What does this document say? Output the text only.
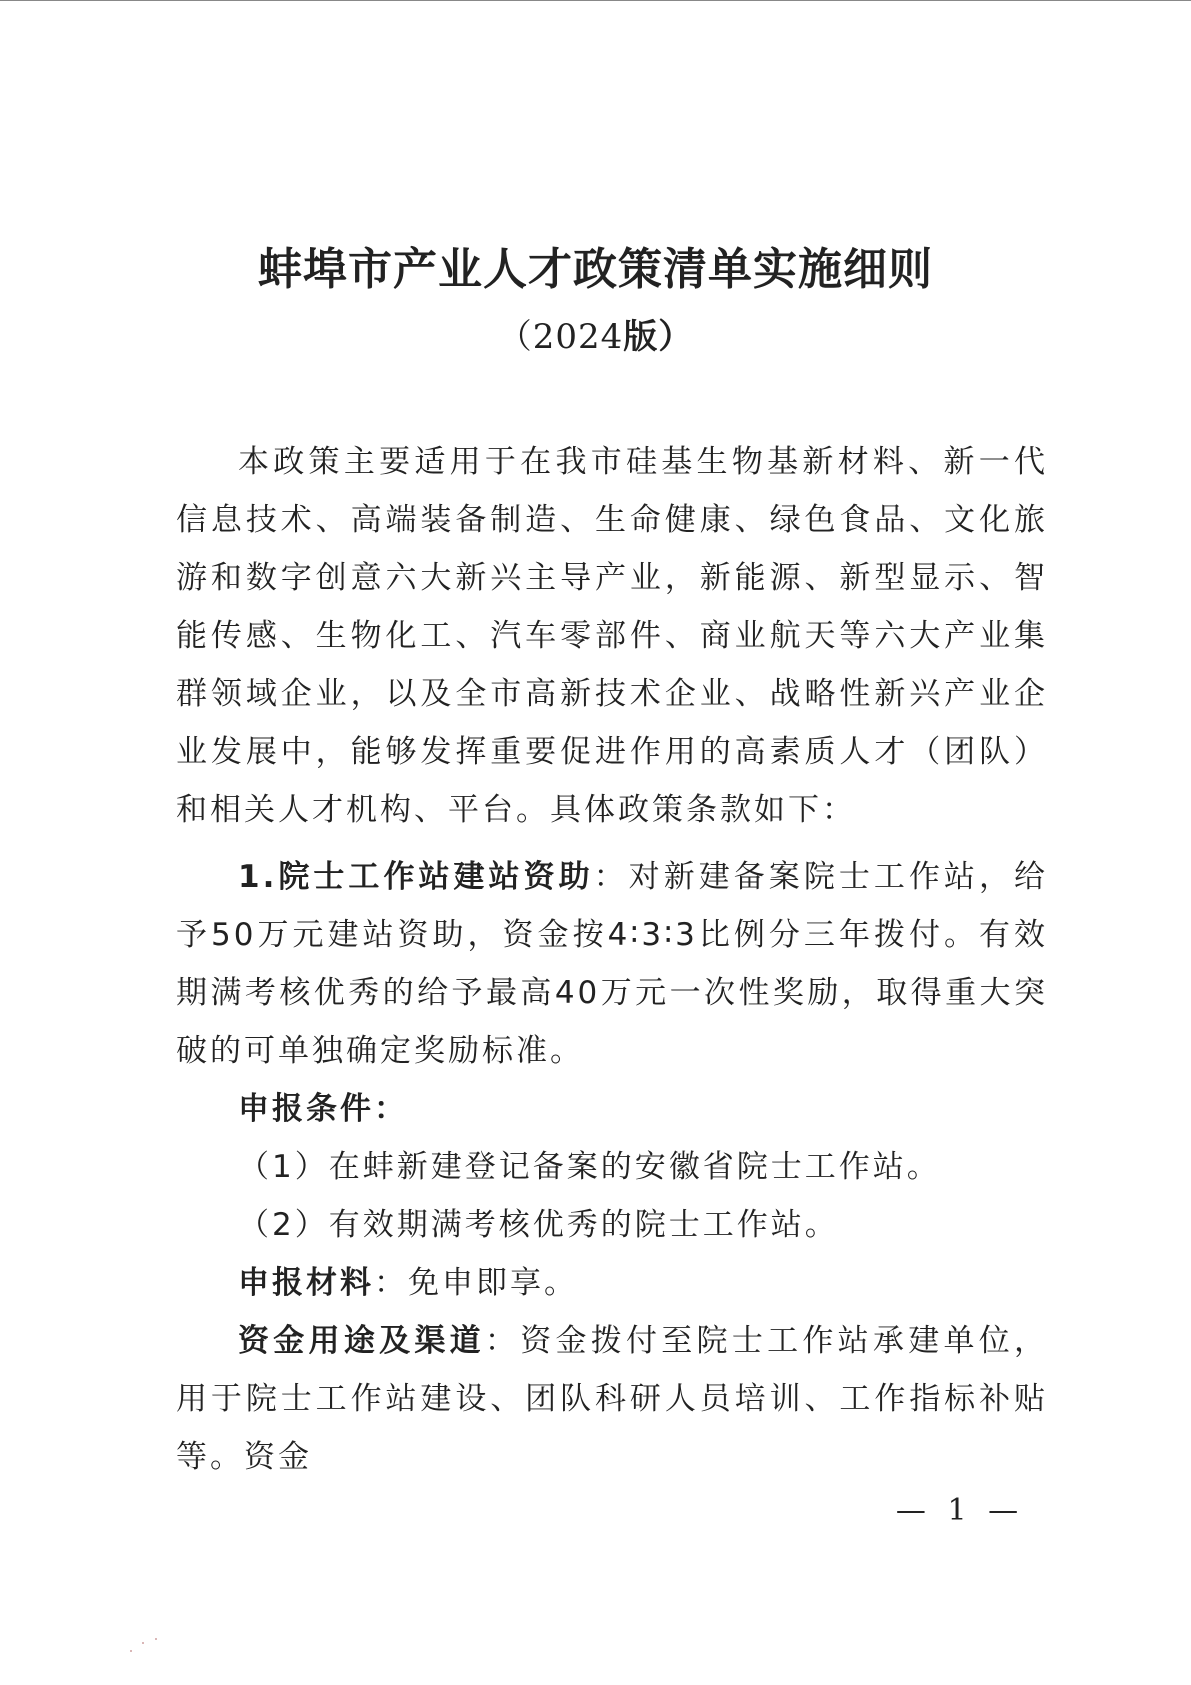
蚌埠市产业人才政策清单实施细则
（2024版）

本政策主要适用于在我市硅基生物基新材料、新一代信息技术、高端装备制造、生命健康、绿色食品、文化旅游和数字创意六大新兴主导产业，新能源、新型显示、智能传感、生物化工、汽车零部件、商业航天等六大产业集群领域企业，以及全市高新技术企业、战略性新兴产业企业发展中，能够发挥重要促进作用的高素质人才（团队）和相关人才机构、平台。具体政策条款如下：

1.院士工作站建站资助：对新建备案院士工作站，给予50万元建站资助，资金按4∶3∶3比例分三年拨付。有效期满考核优秀的给予最高40万元一次性奖励，取得重大突破的可单独确定奖励标准。

申报条件：

（1）在蚌新建登记备案的安徽省院士工作站。

（2）有效期满考核优秀的院士工作站。

申报材料：免申即享。

资金用途及渠道：资金拨付至院士工作站承建单位，用于院士工作站建设、团队科研人员培训、工作指标补贴等。资金

— 1 —
